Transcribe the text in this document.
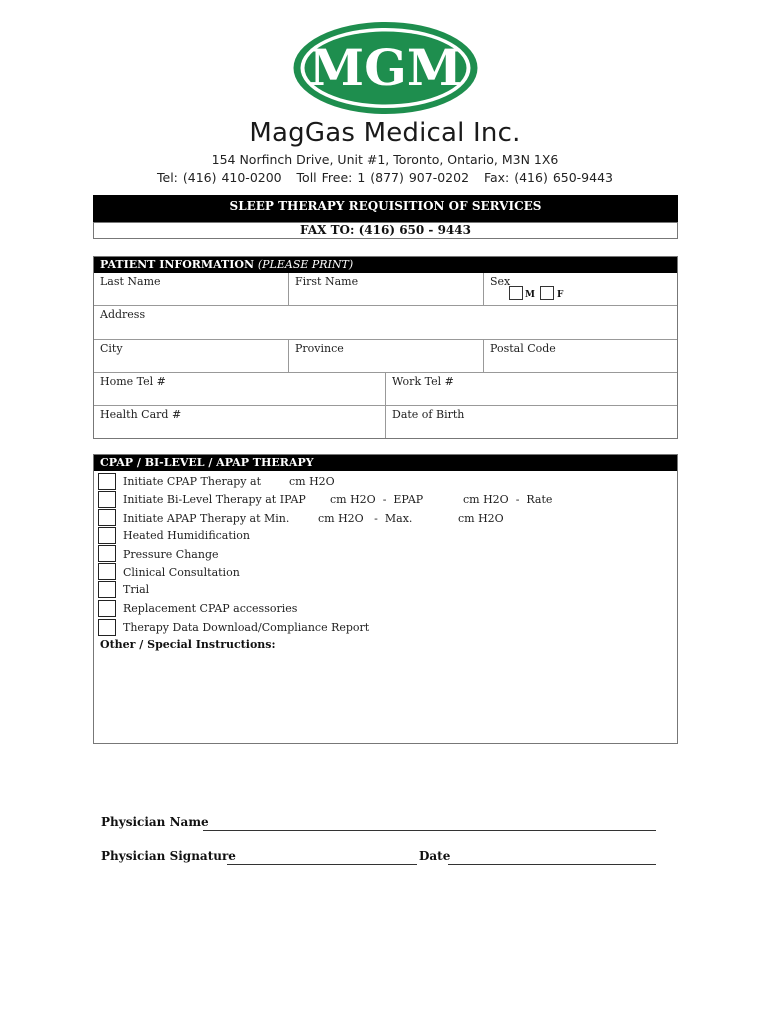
MGM
MagGas Medical Inc.
154 Norfinch Drive, Unit #1, Toronto, Ontario, M3N 1X6
Tel: (416) 410-0200   Toll Free: 1 (877) 907-0202   Fax: (416) 650-9443
SLEEP THERAPY REQUISITION OF SERVICES
FAX TO: (416) 650 - 9443
PATIENT INFORMATION (PLEASE PRINT)
Last Name	First Name	Sex
M F
Address
City	Province	Postal Code
Home Tel #	Work Tel #
Health Card #	Date of Birth
CPAP / BI-LEVEL / APAP THERAPY
Initiate CPAP Therapy at	cm H2O
Initiate Bi-Level Therapy at IPAP cm H2O  -  EPAP	cm H2O  -  Rate
Initiate APAP Therapy at Min.	cm H2O   -  Max.	cm H2O
Heated Humidification
Pressure Change
Clinical Consultation
Trial
Replacement CPAP accessories
Therapy Data Download/Compliance Report
Other / Special Instructions:
Physician Name
Physician Signature	Date
